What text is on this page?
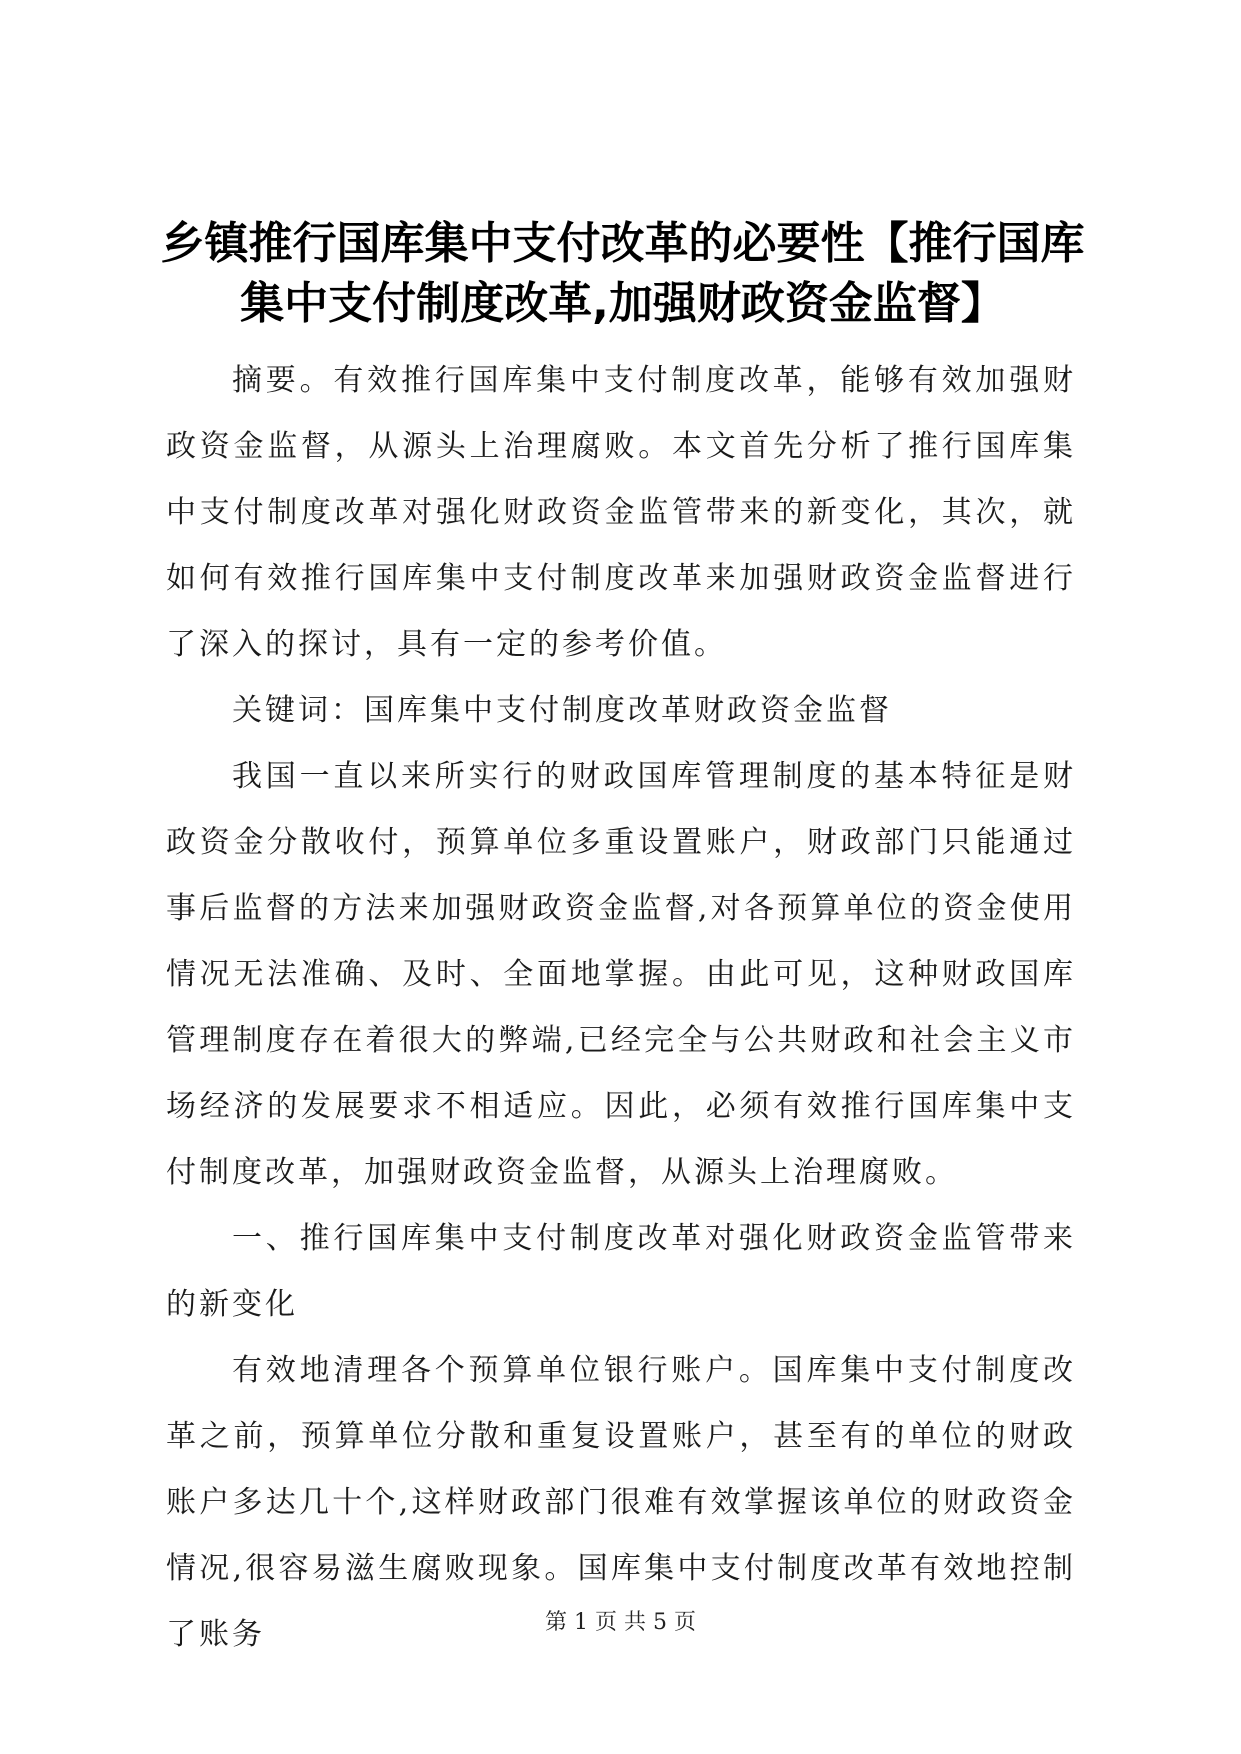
乡镇推行国库集中支付改革的必要性【推行国库集中支付制度改革,加强财政资金监督】

摘要。有效推行国库集中支付制度改革，能够有效加强财政资金监督，从源头上治理腐败。本文首先分析了推行国库集中支付制度改革对强化财政资金监管带来的新变化，其次，就如何有效推行国库集中支付制度改革来加强财政资金监督进行了深入的探讨，具有一定的参考价值。

关键词：国库集中支付制度改革财政资金监督

我国一直以来所实行的财政国库管理制度的基本特征是财政资金分散收付，预算单位多重设置账户，财政部门只能通过事后监督的方法来加强财政资金监督,对各预算单位的资金使用情况无法准确、及时、全面地掌握。由此可见，这种财政国库管理制度存在着很大的弊端,已经完全与公共财政和社会主义市场经济的发展要求不相适应。因此，必须有效推行国库集中支付制度改革，加强财政资金监督，从源头上治理腐败。

一、推行国库集中支付制度改革对强化财政资金监管带来的新变化

有效地清理各个预算单位银行账户。国库集中支付制度改革之前，预算单位分散和重复设置账户，甚至有的单位的财政账户多达几十个,这样财政部门很难有效掌握该单位的财政资金情况,很容易滋生腐败现象。国库集中支付制度改革有效地控制了账务	第 1 页 共 5 页
